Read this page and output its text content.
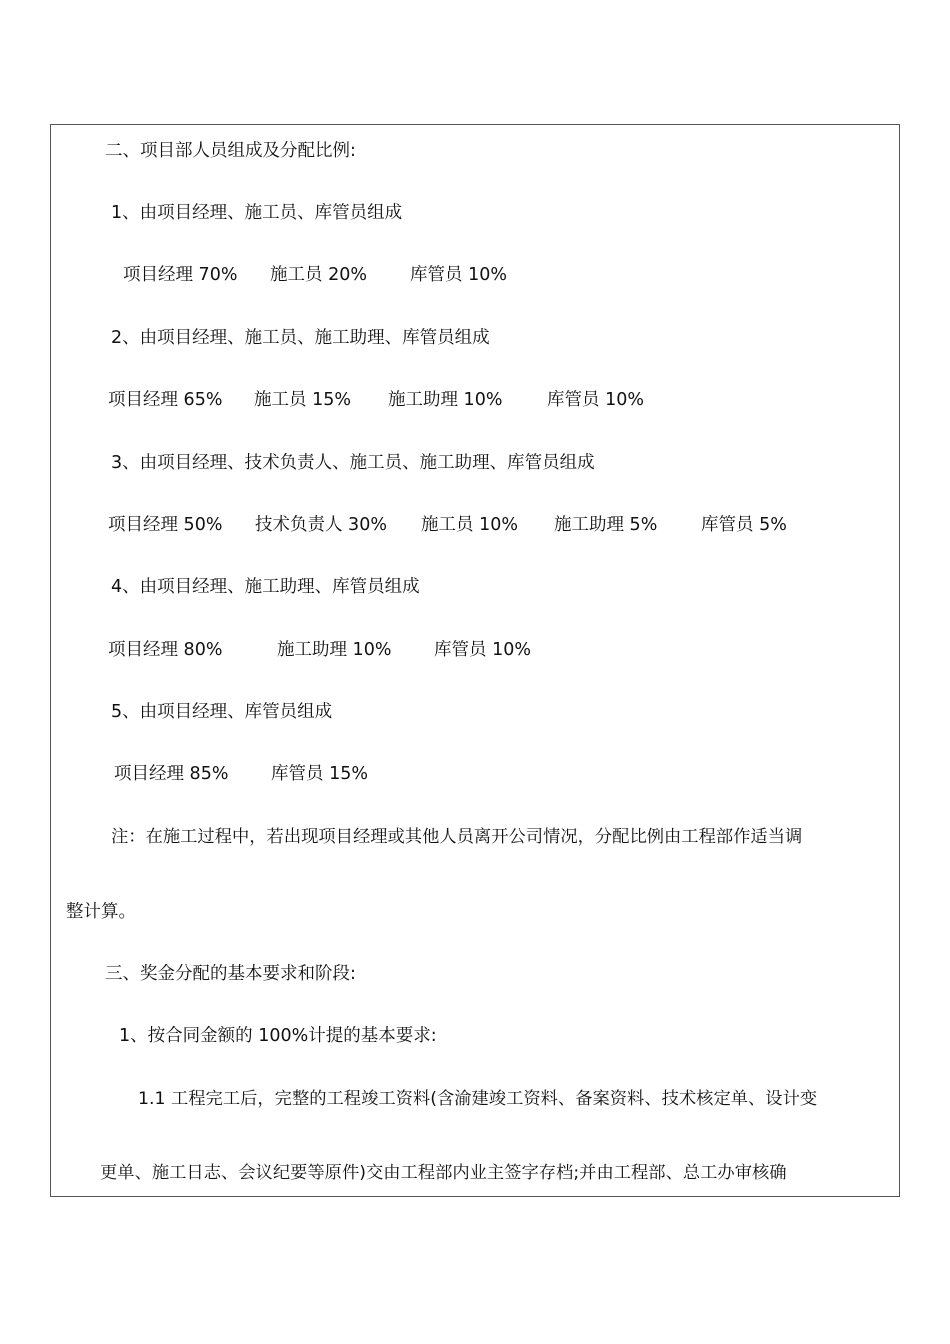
二、项目部人员组成及分配比例:
1、由项目经理、施工员、库管员组成
项目经理 70% 施工员 20% 库管员 10%
2、由项目经理、施工员、施工助理、库管员组成
项目经理 65% 施工员 15% 施工助理 10%	库管员 10%
3、由项目经理、技术负责人、施工员、施工助理、库管员组成
项目经理 50% 技术负责人 30% 施工员 10% 施工助理 5% 库管员 5%
4、由项目经理、施工助理、库管员组成
项目经理 80%	施工助理 10% 库管员 10%
5、由项目经理、库管员组成
项目经理 85% 库管员 15%
注：在施工过程中，若出现项目经理或其他人员离开公司情况，分配比例由工程部作适当调
整计算。
三、奖金分配的基本要求和阶段:
1、按合同金额的 100%计提的基本要求:
1.1 工程完工后，完整的工程竣工资料(含渝建竣工资料、备案资料、技术核定单、设计变
更单、施工日志、会议纪要等原件)交由工程部内业主签字存档;并由工程部、总工办审核确
